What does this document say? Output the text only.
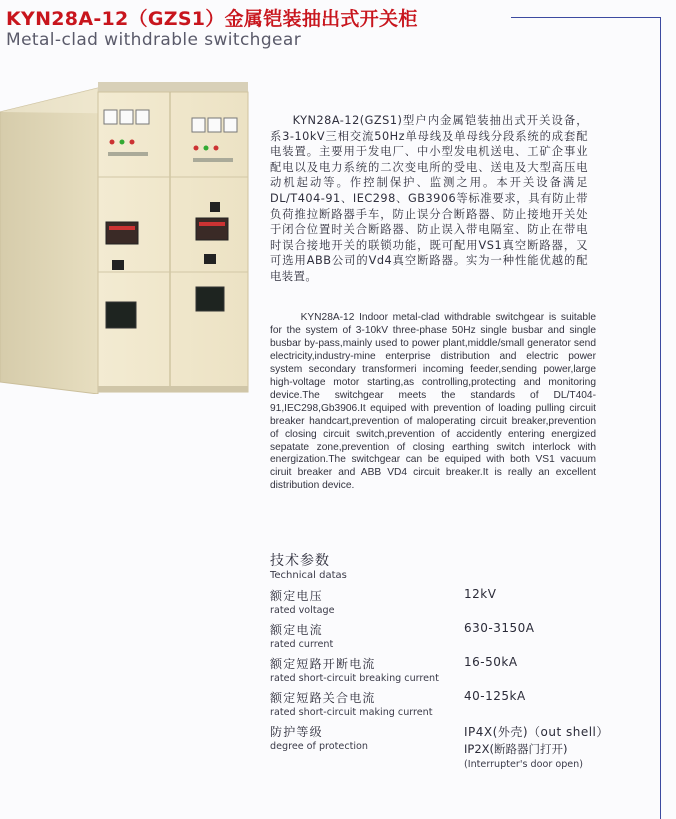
KYN28A-12（GZS1）金属铠装抽出式开关柜
Metal-clad withdrable switchgear
KYN28A-12(GZS1)型户内金属铠装抽出式开关设备，系3-10kV三相交流50Hz单母线及单母线分段系统的成套配电装置。主要用于发电厂、中小型发电机送电、工矿企事业配电以及电力系统的二次变电所的受电、送电及大型高压电动机起动等。作控制保护、监测之用。本开关设备满足DL/T404-91、IEC298、GB3906等标准要求，具有防止带负荷推拉断路器手车，防止误分合断路器、防止接地开关处于闭合位置时关合断路器、防止误入带电隔室、防止在带电时误合接地开关的联锁功能，既可配用VS1真空断路器，又可选用ABB公司的Vd4真空断路器。实为一种性能优越的配电装置。
KYN28A-12 Indoor metal-clad withdrable switchgear is suitable for the system of 3-10kV three-phase 50Hz single busbar and single busbar by-pass,mainly used to power plant,middle/small generator send electricity,industry-mine enterprise distribution and electric power system secondary transformeri incoming feeder,sending power,large high-voltage motor starting,as controlling,protecting and monitoring device.The switchgear meets the standards of DL/T404-91,IEC298,Gb3906.It equiped with prevention of loading pulling circuit breaker handcart,prevention of maloperating circuit breaker,prevention of closing circuit switch,prevention of accidently entering energized sepatate zone,prevention of closing earthing switch interlock with energization.The switchgear can be equiped with both VS1 vacuum ciruit breaker and ABB VD4 circuit breaker.It is really an excellent distribution device.
技术参数
Technical datas
额定电压
rated voltage
12kV
额定电流
rated current
630-3150A
额定短路开断电流
rated short-circuit breaking current
16-50kA
额定短路关合电流
rated short-circuit making current
40-125kA
防护等级
degree of protection
IP4X(外壳)（out shell）
IP2X(断路器门打开)
(Interrupter's door open)
